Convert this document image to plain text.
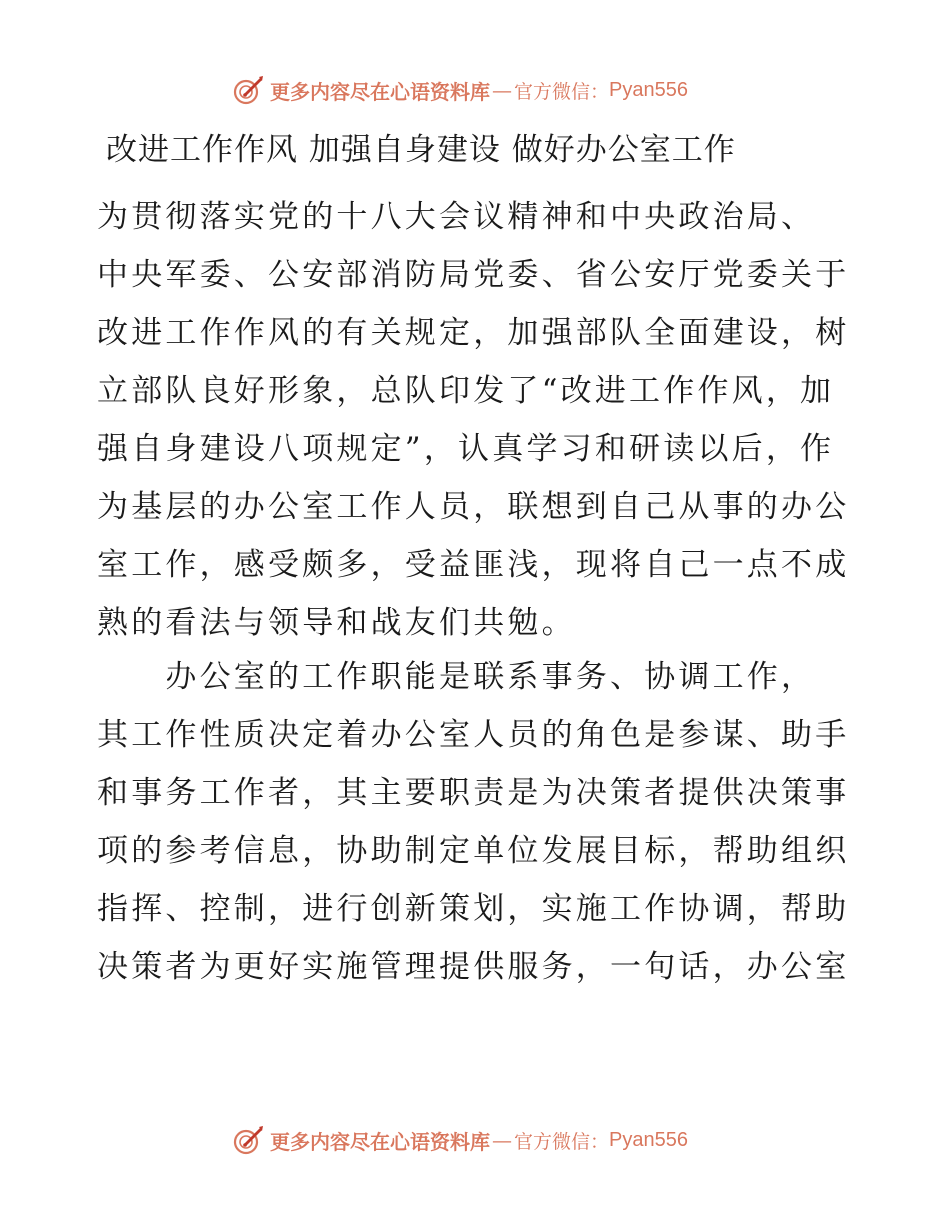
更多内容尽在心语资料库 — 官方微信： Pyan556
改进工作作风 加强自身建设 做好办公室工作
为贯彻落实党的十八大会议精神和中央政治局、
中央军委、公安部消防局党委、省公安厅党委关于
改进工作作风的有关规定，加强部队全面建设，树
立部队良好形象，总队印发了“改进工作作风，加
强自身建设八项规定”，认真学习和研读以后，作
为基层的办公室工作人员，联想到自己从事的办公
室工作，感受颇多，受益匪浅，现将自己一点不成
熟的看法与领导和战友们共勉。
　　办公室的工作职能是联系事务、协调工作，
其工作性质决定着办公室人员的角色是参谋、助手
和事务工作者，其主要职责是为决策者提供决策事
项的参考信息，协助制定单位发展目标，帮助组织
指挥、控制，进行创新策划，实施工作协调，帮助
决策者为更好实施管理提供服务，一句话，办公室
更多内容尽在心语资料库 — 官方微信： Pyan556
